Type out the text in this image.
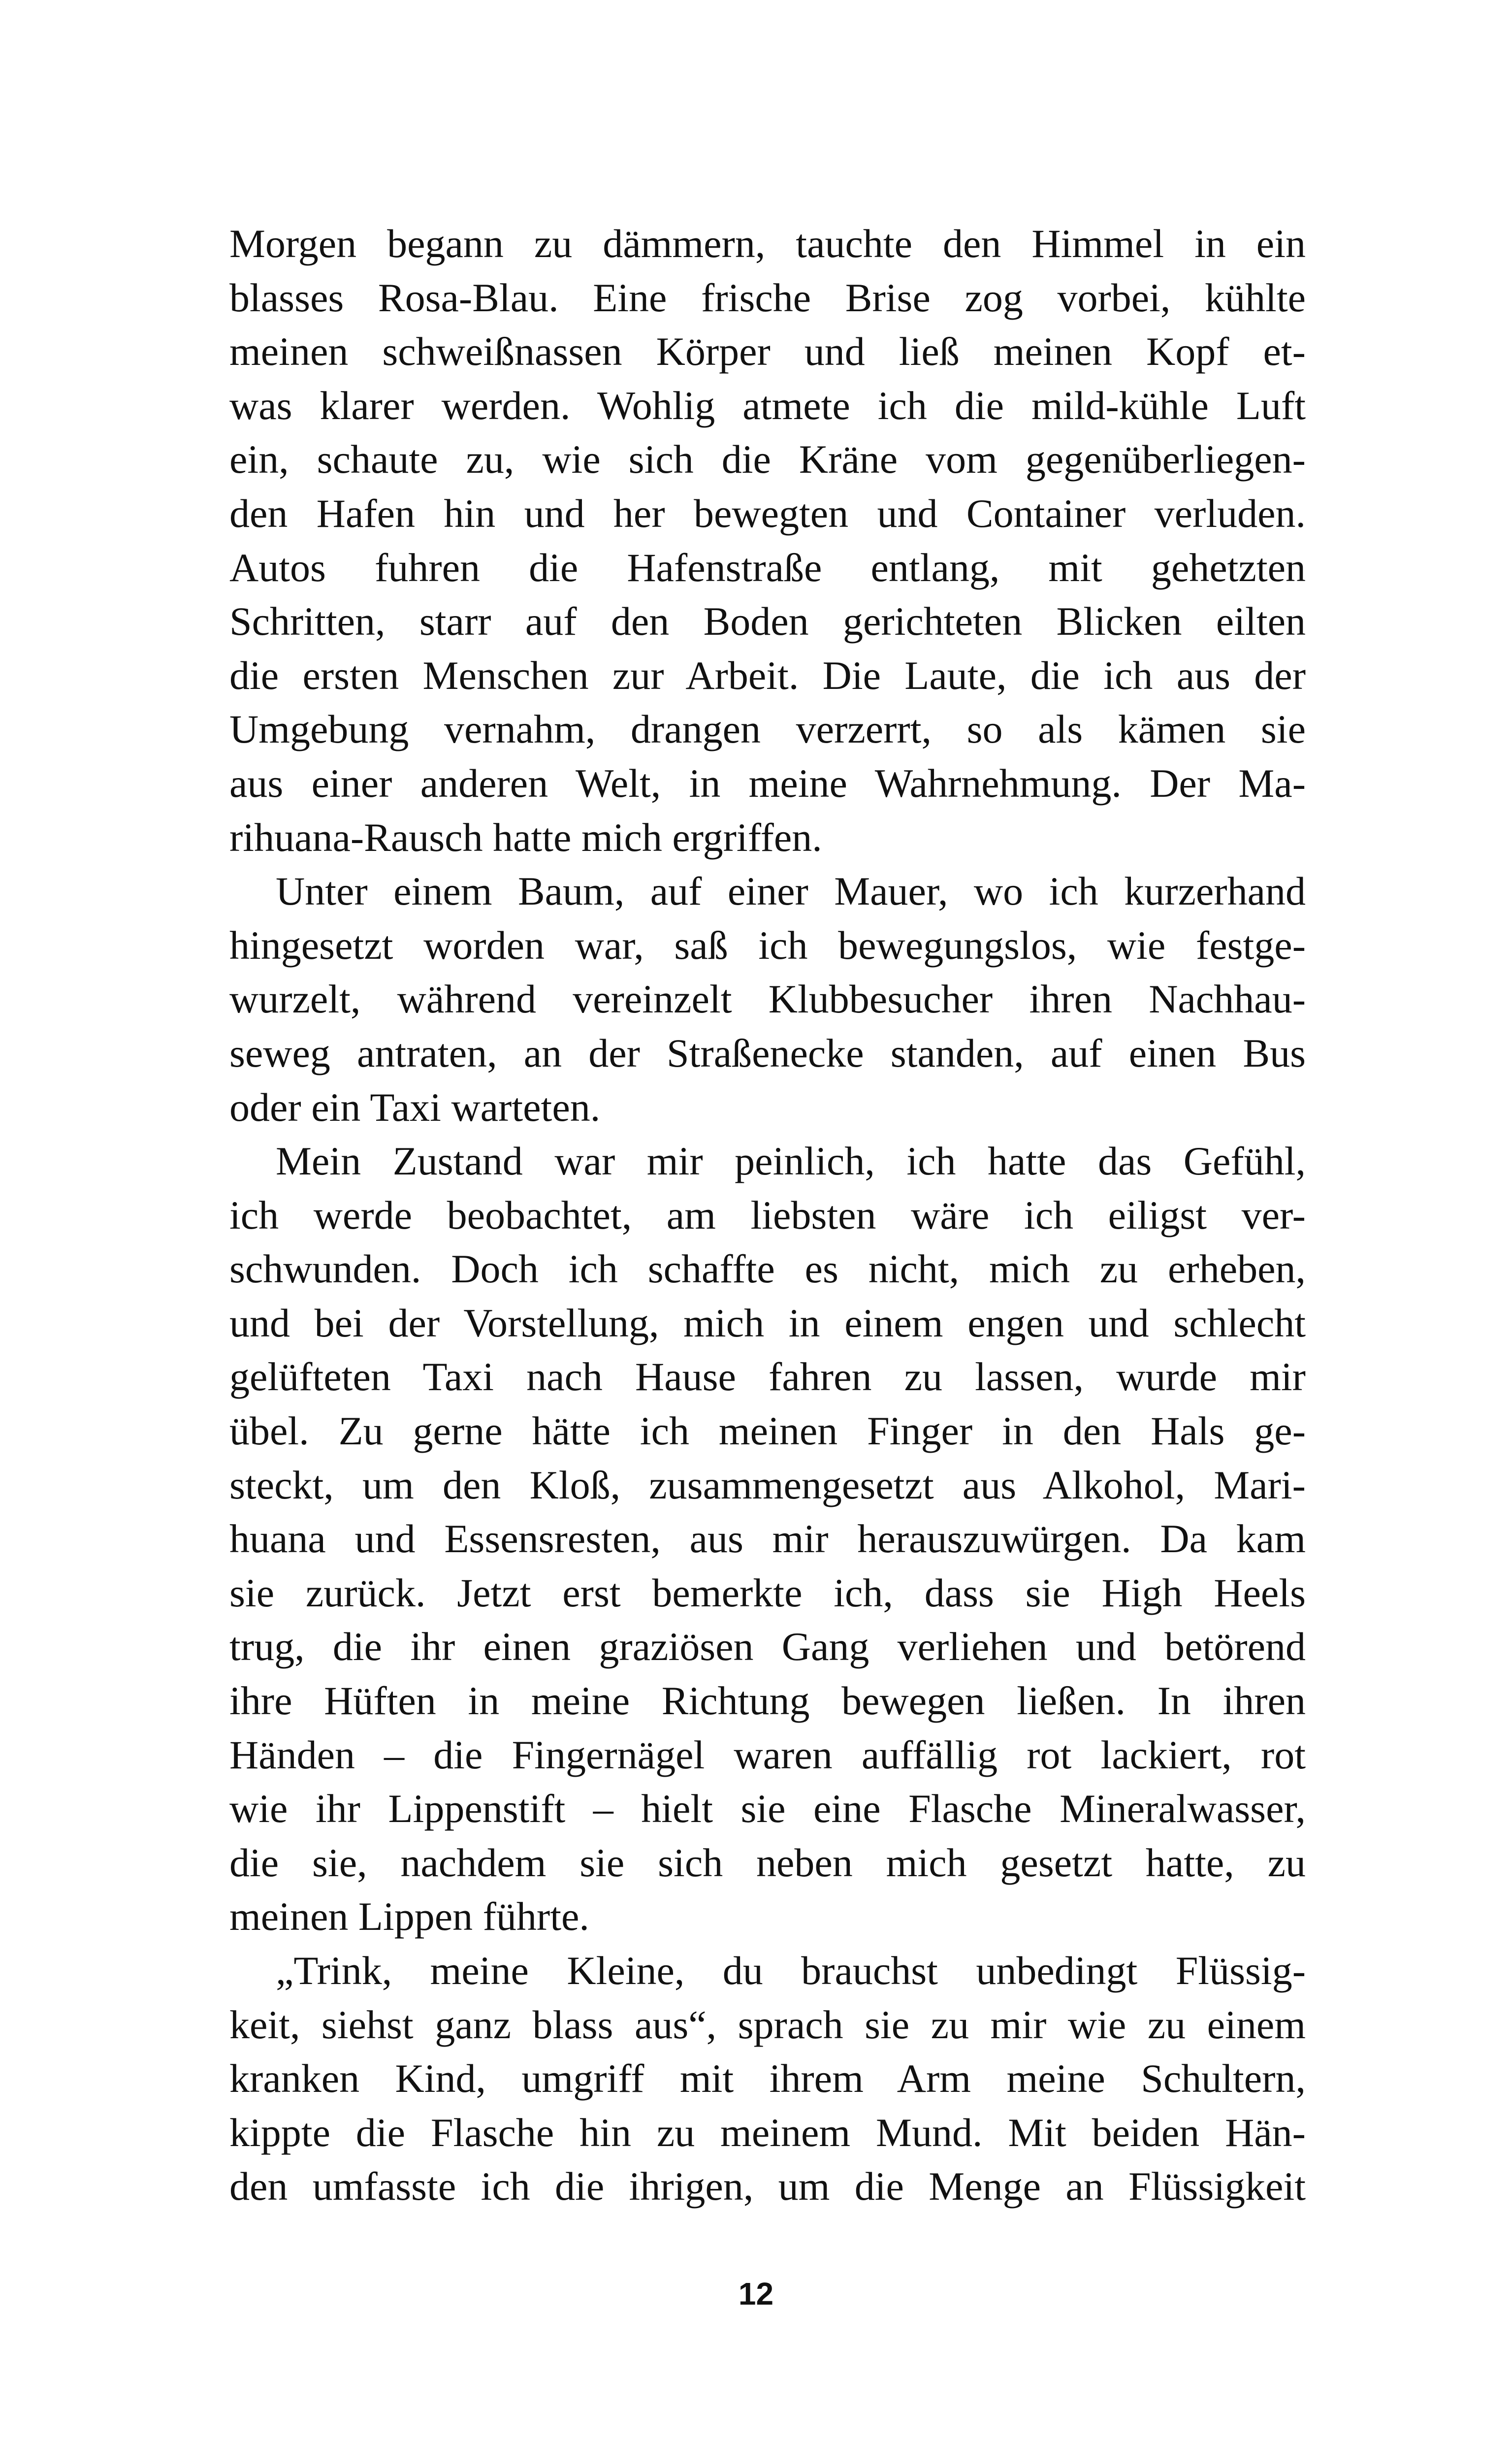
Morgen begann zu dämmern, tauchte den Himmel in ein
blasses Rosa-Blau. Eine frische Brise zog vorbei, kühlte
meinen schweißnassen Körper und ließ meinen Kopf et-
was klarer werden. Wohlig atmete ich die mild-kühle Luft
ein, schaute zu, wie sich die Kräne vom gegenüberliegen-
den Hafen hin und her bewegten und Container verluden.
Autos fuhren die Hafenstraße entlang, mit gehetzten
Schritten, starr auf den Boden gerichteten Blicken eilten
die ersten Menschen zur Arbeit. Die Laute, die ich aus der
Umgebung vernahm, drangen verzerrt, so als kämen sie
aus einer anderen Welt, in meine Wahrnehmung. Der Ma-
rihuana-Rausch hatte mich ergriffen.
Unter einem Baum, auf einer Mauer, wo ich kurzerhand
hingesetzt worden war, saß ich bewegungslos, wie festge-
wurzelt, während vereinzelt Klubbesucher ihren Nachhau-
seweg antraten, an der Straßenecke standen, auf einen Bus
oder ein Taxi warteten.
Mein Zustand war mir peinlich, ich hatte das Gefühl,
ich werde beobachtet, am liebsten wäre ich eiligst ver-
schwunden. Doch ich schaffte es nicht, mich zu erheben,
und bei der Vorstellung, mich in einem engen und schlecht
gelüfteten Taxi nach Hause fahren zu lassen, wurde mir
übel. Zu gerne hätte ich meinen Finger in den Hals ge-
steckt, um den Kloß, zusammengesetzt aus Alkohol, Mari-
huana und Essensresten, aus mir herauszuwürgen. Da kam
sie zurück. Jetzt erst bemerkte ich, dass sie High Heels
trug, die ihr einen graziösen Gang verliehen und betörend
ihre Hüften in meine Richtung bewegen ließen. In ihren
Händen – die Fingernägel waren auffällig rot lackiert, rot
wie ihr Lippenstift – hielt sie eine Flasche Mineralwasser,
die sie, nachdem sie sich neben mich gesetzt hatte, zu
meinen Lippen führte.
„Trink, meine Kleine, du brauchst unbedingt Flüssig-
keit, siehst ganz blass aus“, sprach sie zu mir wie zu einem
kranken Kind, umgriff mit ihrem Arm meine Schultern,
kippte die Flasche hin zu meinem Mund. Mit beiden Hän-
den umfasste ich die ihrigen, um die Menge an Flüssigkeit
12
